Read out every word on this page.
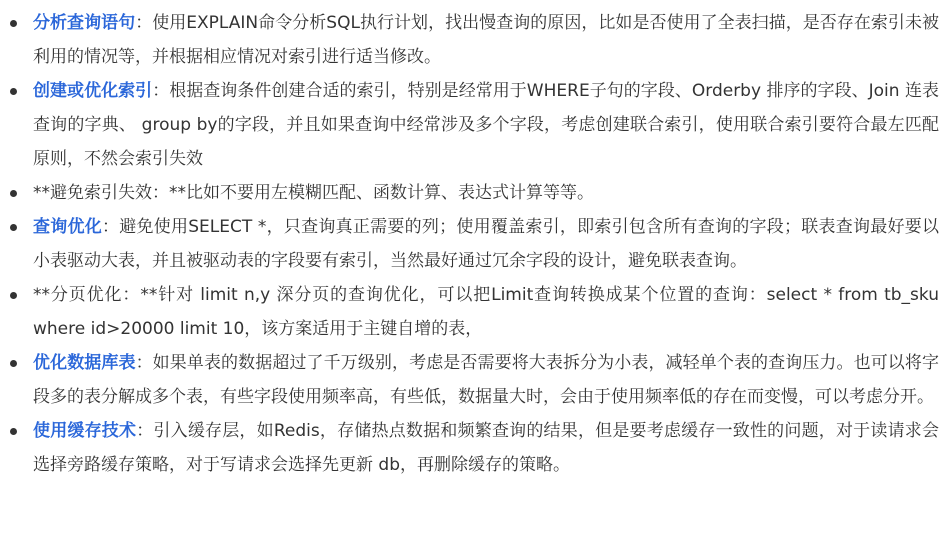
分析查询语句：使用EXPLAIN命令分析SQL执行计划，找出慢查询的原因，比如是否使用了全表扫描，是否存在索引未被利用的情况等，并根据相应情况对索引进行适当修改。
创建或优化索引：根据查询条件创建合适的索引，特别是经常用于WHERE子句的字段、Orderby 排序的字段、Join 连表查询的字典、 group by的字段，并且如果查询中经常涉及多个字段，考虑创建联合索引，使用联合索引要符合最左匹配原则，不然会索引失效
**避免索引失效：**比如不要用左模糊匹配、函数计算、表达式计算等等。
查询优化：避免使用SELECT *，只查询真正需要的列；使用覆盖索引，即索引包含所有查询的字段；联表查询最好要以小表驱动大表，并且被驱动表的字段要有索引，当然最好通过冗余字段的设计，避免联表查询。
**分页优化：**针对 limit n,y 深分页的查询优化，可以把Limit查询转换成某个位置的查询：select * from tb_sku where id>20000 limit 10，该方案适用于主键自增的表，
优化数据库表：如果单表的数据超过了千万级别，考虑是否需要将大表拆分为小表，减轻单个表的查询压力。也可以将字段多的表分解成多个表，有些字段使用频率高，有些低，数据量大时，会由于使用频率低的存在而变慢，可以考虑分开。
使用缓存技术：引入缓存层，如Redis，存储热点数据和频繁查询的结果，但是要考虑缓存一致性的问题，对于读请求会选择旁路缓存策略，对于写请求会选择先更新 db，再删除缓存的策略。
